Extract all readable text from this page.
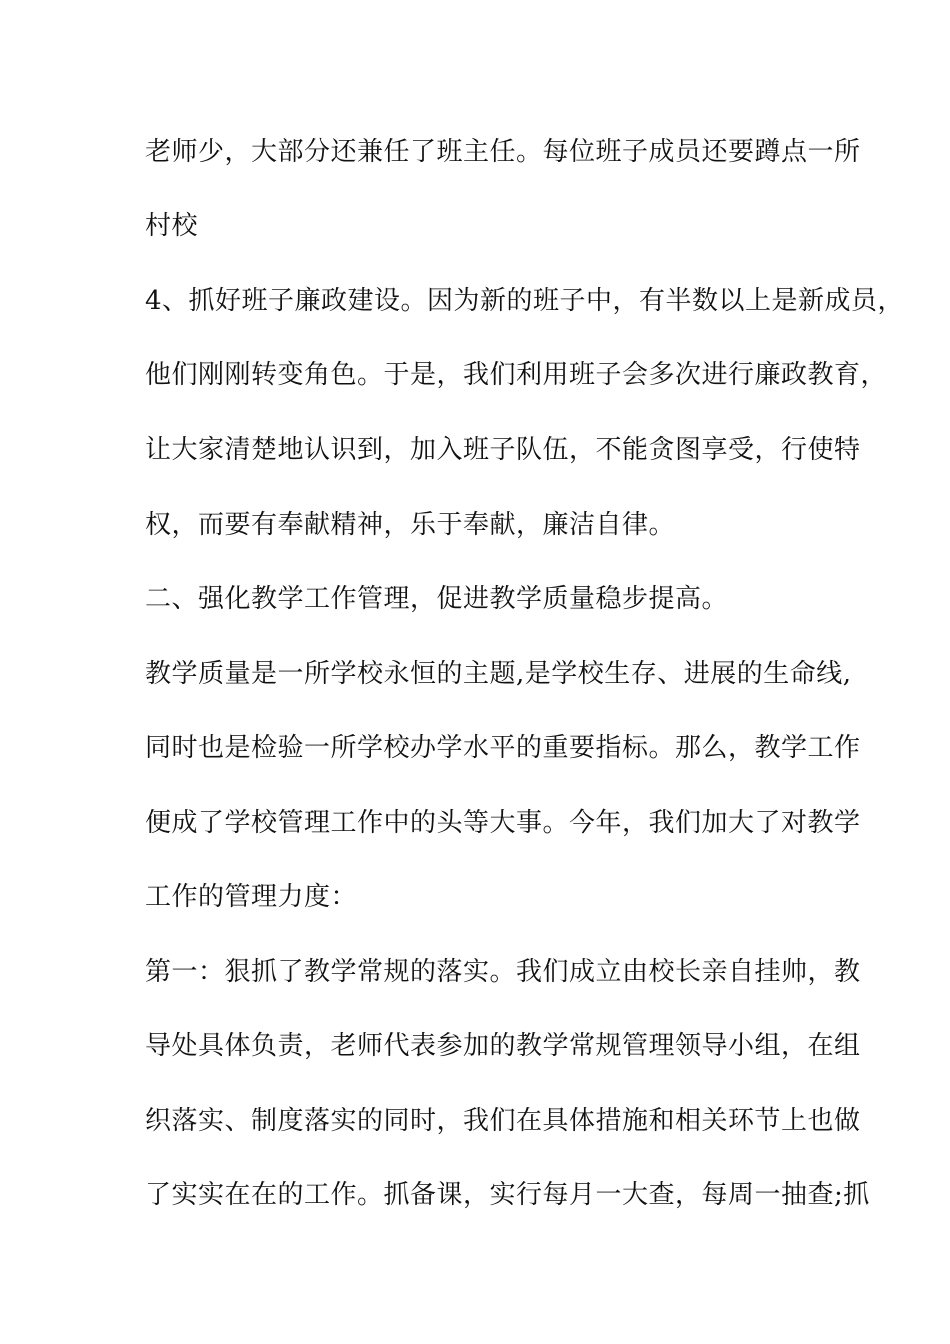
老师少，大部分还兼任了班主任。每位班子成员还要蹲点一所
村校
4、抓好班子廉政建设。因为新的班子中，有半数以上是新成员，
他们刚刚转变角色。于是，我们利用班子会多次进行廉政教育，
让大家清楚地认识到，加入班子队伍，不能贪图享受，行使特
权，而要有奉献精神，乐于奉献，廉洁自律。
二、强化教学工作管理，促进教学质量稳步提高。
教学质量是一所学校永恒的主题,是学校生存、进展的生命线,
同时也是检验一所学校办学水平的重要指标。那么，教学工作
便成了学校管理工作中的头等大事。今年，我们加大了对教学
工作的管理力度：
第一：狠抓了教学常规的落实。我们成立由校长亲自挂帅，教
导处具体负责，老师代表参加的教学常规管理领导小组，在组
织落实、制度落实的同时，我们在具体措施和相关环节上也做
了实实在在的工作。抓备课，实行每月一大查，每周一抽查;抓
